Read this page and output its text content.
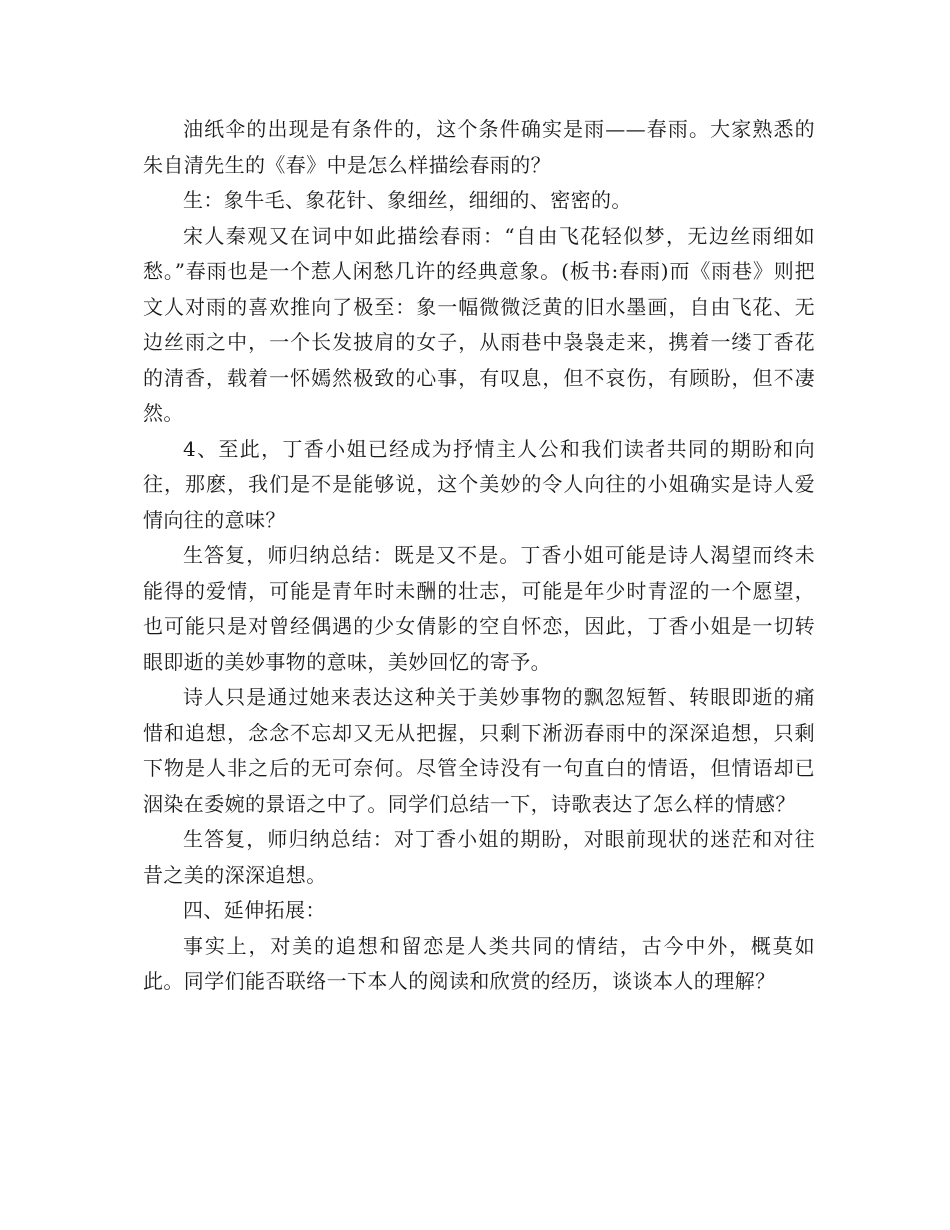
油纸伞的出现是有条件的，这个条件确实是雨——春雨。大家熟悉的 朱自清先生的《春》中是怎么样描绘春雨的？

生：象牛毛、象花针、象细丝，细细的、密密的。

宋人秦观又在词中如此描绘春雨：“自由飞花轻似梦，无边丝雨细如愁。”春雨也是一个惹人闲愁几许的经典意象。(板书:春雨)而《雨巷》则把文人对雨的喜欢推向了极至：象一幅微微泛黄的旧水墨画，自由飞花、无边丝雨之中，一个长发披肩的女子，从雨巷中袅袅走来，携着一缕丁香花的清香，载着一怀嫣然极致的心事，有叹息，但不哀伤，有顾盼，但不凄然。

4、至此，丁香小姐已经成为抒情主人公和我们读者共同的期盼和向往，那麽，我们是不是能够说，这个美妙的令人向往的小姐确实是诗人爱情向往的意味？

生答复，师归纳总结：既是又不是。丁香小姐可能是诗人渴望而终未能得的爱情，可能是青年时未酬的壮志，可能是年少时青涩的一个愿望，也可能只是对曾经偶遇的少女倩影的空自怀恋，因此，丁香小姐是一切转眼即逝的美妙事物的意味，美妙回忆的寄予。

诗人只是通过她来表达这种关于美妙事物的飘忽短暂、转眼即逝的痛惜和追想，念念不忘却又无从把握，只剩下淅沥春雨中的深深追想，只剩下物是人非之后的无可奈何。尽管全诗没有一句直白的情语，但情语却已洇染在委婉的景语之中了。同学们总结一下，诗歌表达了怎么样的情感？

生答复，师归纳总结：对丁香小姐的期盼，对眼前现状的迷茫和对往昔之美的深深追想。

四、延伸拓展：

事实上，对美的追想和留恋是人类共同的情结，古今中外，概莫如此。同学们能否联络一下本人的阅读和欣赏的经历，谈谈本人的理解？
